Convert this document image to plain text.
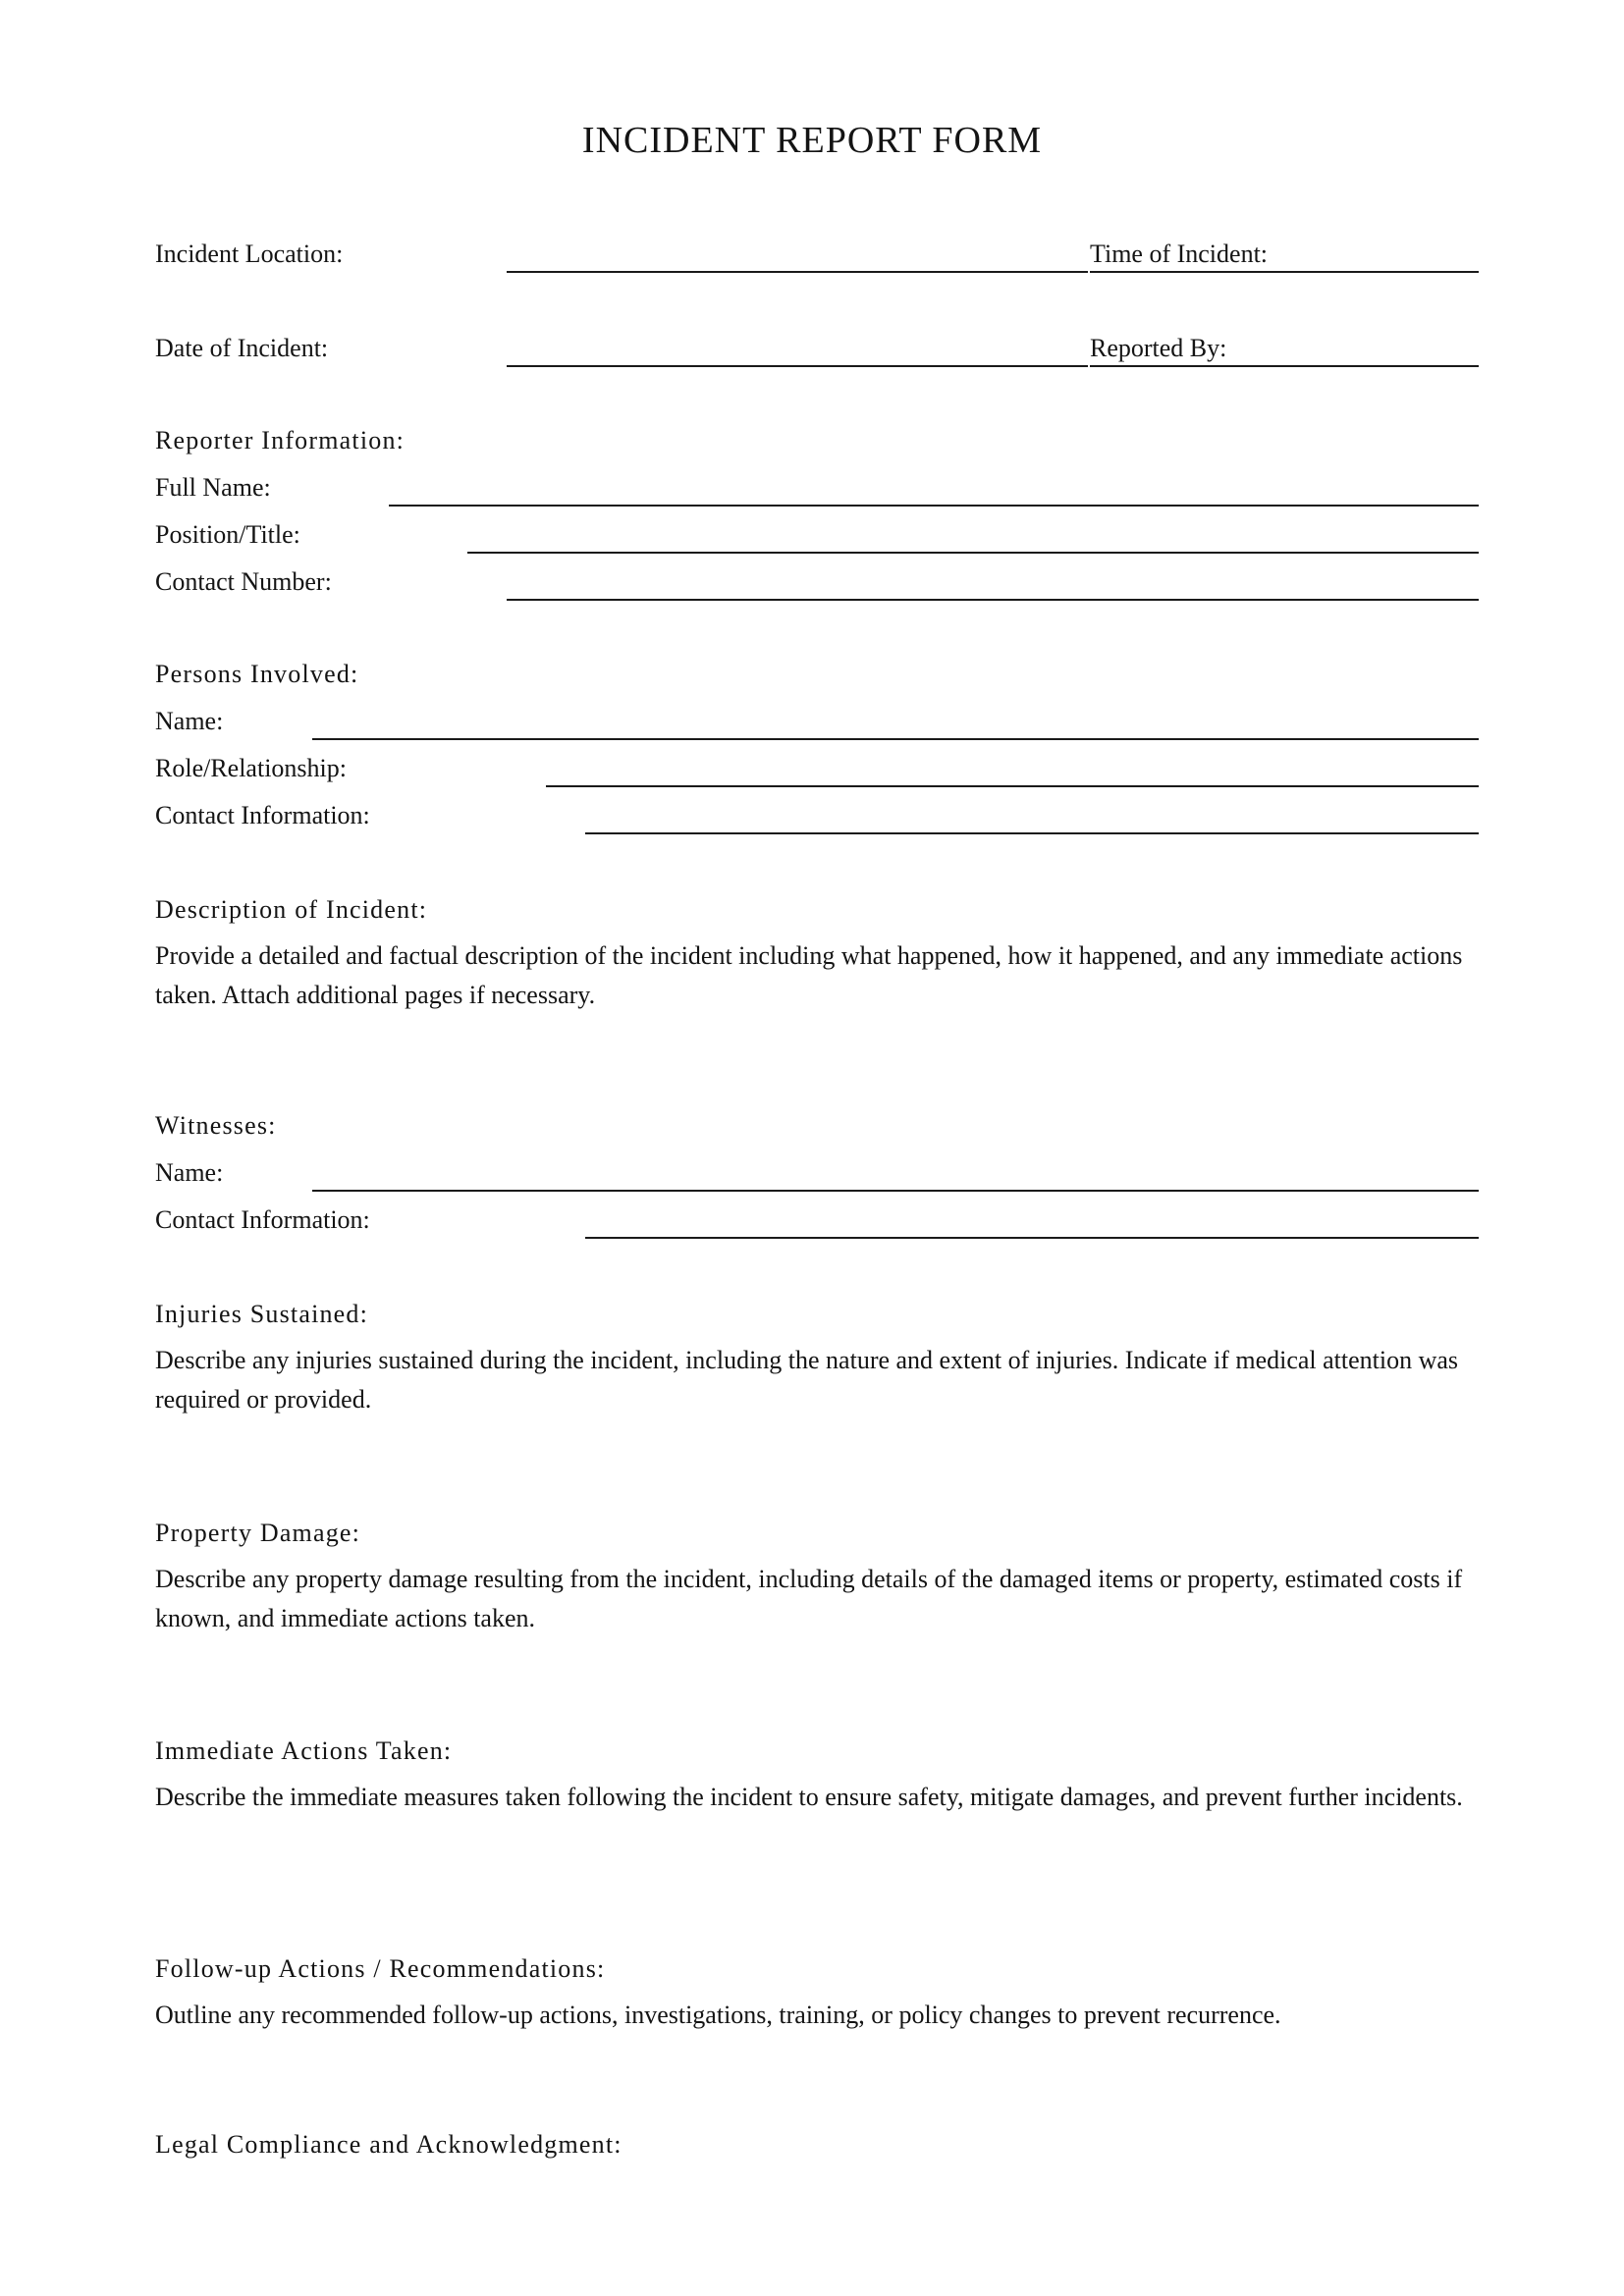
INCIDENT REPORT FORM
Incident Location:	Time of Incident:
Date of Incident:	Reported By:
Reporter Information:
Full Name:
Position/Title:
Contact Number:
Persons Involved:
Name:
Role/Relationship:
Contact Information:
Description of Incident:
Provide a detailed and factual description of the incident including what happened, how it happened, and any immediate actions taken. Attach additional pages if necessary.
Witnesses:
Name:
Contact Information:
Injuries Sustained:
Describe any injuries sustained during the incident, including the nature and extent of injuries. Indicate if medical attention was required or provided.
Property Damage:
Describe any property damage resulting from the incident, including details of the damaged items or property, estimated costs if known, and immediate actions taken.
Immediate Actions Taken:
Describe the immediate measures taken following the incident to ensure safety, mitigate damages, and prevent further incidents.
Follow-up Actions / Recommendations:
Outline any recommended follow-up actions, investigations, training, or policy changes to prevent recurrence.
Legal Compliance and Acknowledgment:
